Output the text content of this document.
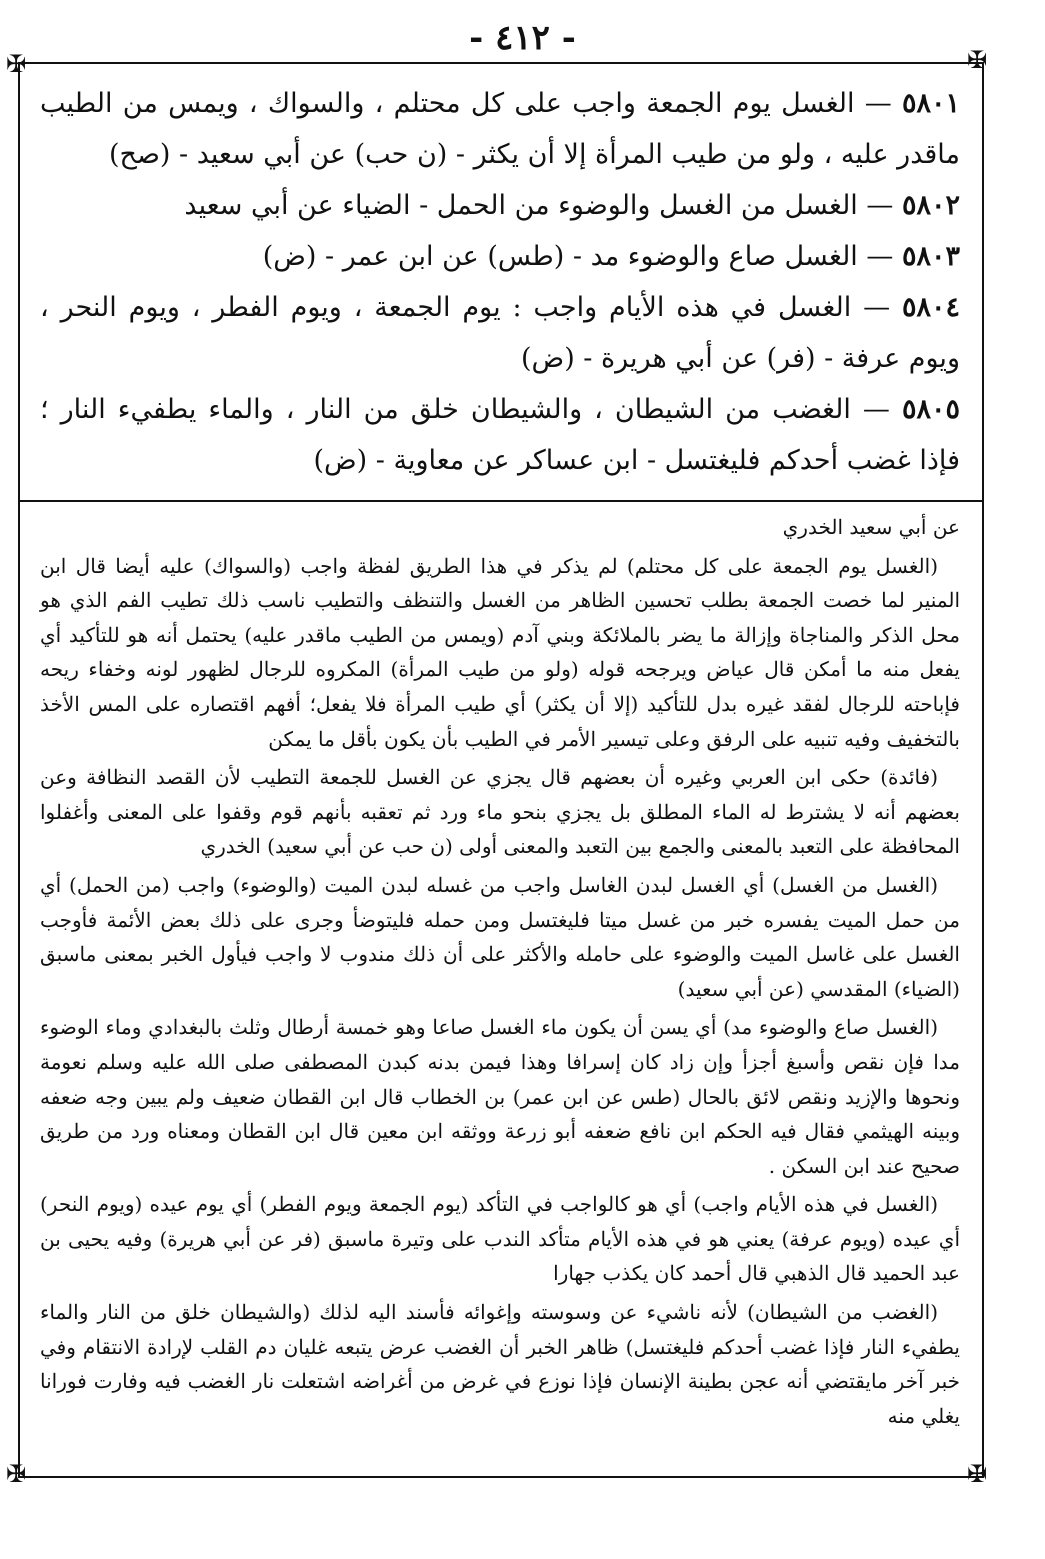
- ٤١٢ -
✠	✠
✠	✠

٥٨٠١ — الغسل يوم الجمعة واجب على كل محتلم ، والسواك ، ويمس من الطيب ماقدر عليه ، ولو من طيب المرأة إلا أن يكثر - (ن حب) عن أبي سعيد - (صح)

٥٨٠٢ — الغسل من الغسل والوضوء من الحمل - الضياء عن أبي سعيد

٥٨٠٣ — الغسل صاع والوضوء مد - (طس) عن ابن عمر - (ض)

٥٨٠٤ — الغسل في هذه الأيام واجب : يوم الجمعة ، ويوم الفطر ، ويوم النحر ، ويوم عرفة - (فر) عن أبي هريرة - (ض)

٥٨٠٥ — الغضب من الشيطان ، والشيطان خلق من النار ، والماء يطفيء النار ؛ فإذا غضب أحدكم فليغتسل - ابن عساكر عن معاوية - (ض)

عن أبي سعيد الخدري

(الغسل يوم الجمعة على كل محتلم) لم يذكر في هذا الطريق لفظة واجب (والسواك) عليه أيضا قال ابن المنير لما خصت الجمعة بطلب تحسين الظاهر من الغسل والتنظف والتطيب ناسب ذلك تطيب الفم الذي هو محل الذكر والمناجاة وإزالة ما يضر بالملائكة وبني آدم (ويمس من الطيب ماقدر عليه) يحتمل أنه هو للتأكيد أي يفعل منه ما أمكن قال عياض ويرجحه قوله (ولو من طيب المرأة) المكروه للرجال لظهور لونه وخفاء ريحه فإباحته للرجال لفقد غيره بدل للتأكيد (إلا أن يكثر) أي طيب المرأة فلا يفعل؛ أفهم اقتصاره على المس الأخذ بالتخفيف وفيه تنبيه على الرفق وعلى تيسير الأمر في الطيب بأن يكون بأقل ما يمكن

(فائدة) حكى ابن العربي وغيره أن بعضهم قال يجزي عن الغسل للجمعة التطيب لأن القصد النظافة وعن بعضهم أنه لا يشترط له الماء المطلق بل يجزي بنحو ماء ورد ثم تعقبه بأنهم قوم وقفوا على المعنى وأغفلوا المحافظة على التعبد بالمعنى والجمع بين التعبد والمعنى أولى (ن حب عن أبي سعيد) الخدري

(الغسل من الغسل) أي الغسل لبدن الغاسل واجب من غسله لبدن الميت (والوضوء) واجب (من الحمل) أي من حمل الميت يفسره خبر من غسل ميتا فليغتسل ومن حمله فليتوضأ وجرى على ذلك بعض الأئمة فأوجب الغسل على غاسل الميت والوضوء على حامله والأكثر على أن ذلك مندوب لا واجب فيأول الخبر بمعنى ماسبق (الضياء) المقدسي (عن أبي سعيد)

(الغسل صاع والوضوء مد) أي يسن أن يكون ماء الغسل صاعا وهو خمسة أرطال وثلث بالبغدادي وماء الوضوء مدا فإن نقص وأسبغ أجزأ وإن زاد كان إسرافا وهذا فيمن بدنه كبدن المصطفى صلى الله عليه وسلم نعومة ونحوها والإزيد ونقص لائق بالحال (طس عن ابن عمر) بن الخطاب قال ابن القطان ضعيف ولم يبين وجه ضعفه وبينه الهيثمي فقال فيه الحكم ابن نافع ضعفه أبو زرعة ووثقه ابن معين قال ابن القطان ومعناه ورد من طريق صحيح عند ابن السكن .

(الغسل في هذه الأيام واجب) أي هو كالواجب في التأكد (يوم الجمعة ويوم الفطر) أي يوم عيده (ويوم النحر) أي عيده (ويوم عرفة) يعني هو في هذه الأيام متأكد الندب على وتيرة ماسبق (فر عن أبي هريرة) وفيه يحيى بن عبد الحميد قال الذهبي قال أحمد كان يكذب جهارا

(الغضب من الشيطان) لأنه ناشيء عن وسوسته وإغوائه فأسند اليه لذلك (والشيطان خلق من النار والماء يطفيء النار فإذا غضب أحدكم فليغتسل) ظاهر الخبر أن الغضب عرض يتبعه غليان دم القلب لإرادة الانتقام وفي خبر آخر مايقتضي أنه عجن بطينة الإنسان فإذا نوزع في غرض من أغراضه اشتعلت نار الغضب فيه وفارت فورانا يغلي منه
